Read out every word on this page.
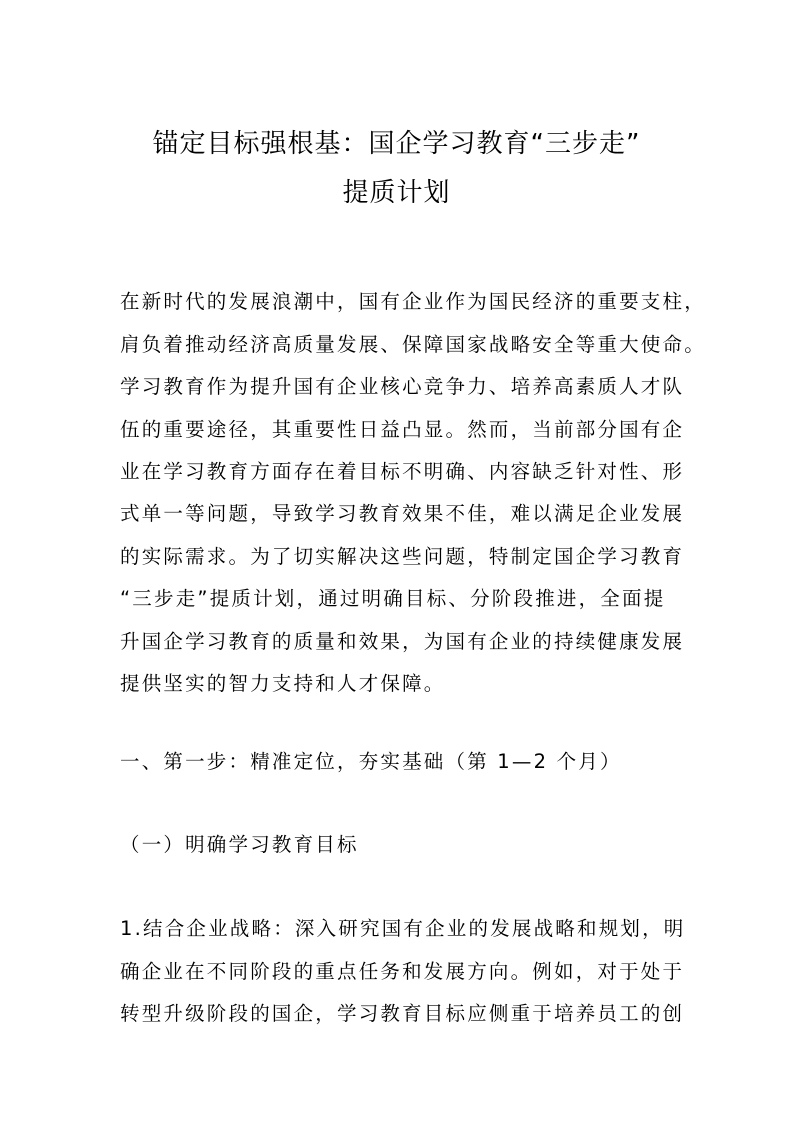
锚定目标强根基：国企学习教育“三步走”
提质计划
在新时代的发展浪潮中，国有企业作为国民经济的重要支柱，
肩负着推动经济高质量发展、保障国家战略安全等重大使命。
学习教育作为提升国有企业核心竞争力、培养高素质人才队
伍的重要途径，其重要性日益凸显。然而，当前部分国有企
业在学习教育方面存在着目标不明确、内容缺乏针对性、形
式单一等问题，导致学习教育效果不佳，难以满足企业发展
的实际需求。为了切实解决这些问题，特制定国企学习教育
“三步走”提质计划，通过明确目标、分阶段推进，全面提
升国企学习教育的质量和效果，为国有企业的持续健康发展
提供坚实的智力支持和人才保障。
一、第一步：精准定位，夯实基础（第 1—2 个月）
（一）明确学习教育目标
1.结合企业战略：深入研究国有企业的发展战略和规划，明
确企业在不同阶段的重点任务和发展方向。例如，对于处于
转型升级阶段的国企，学习教育目标应侧重于培养员工的创
